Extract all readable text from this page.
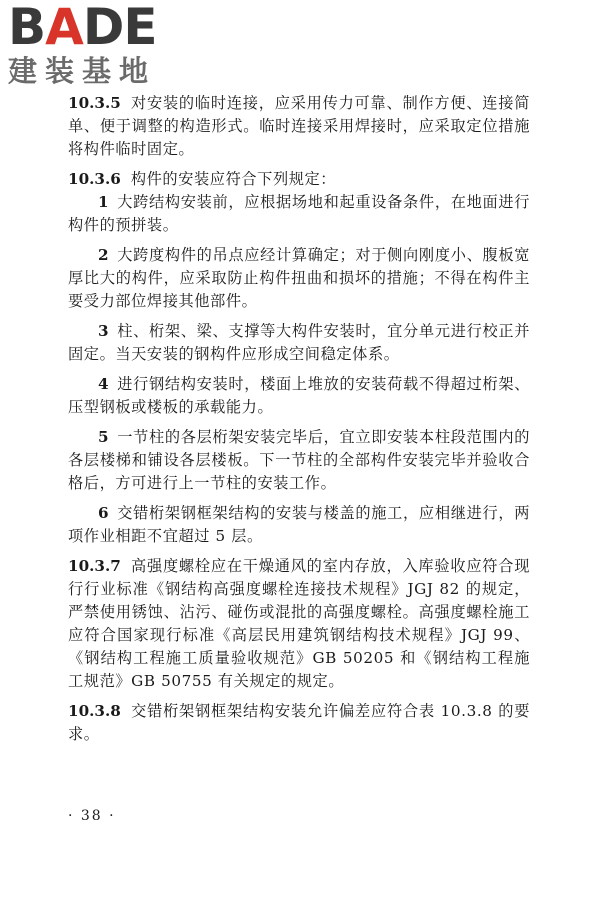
BADE
建装基地

10.3.5 对安装的临时连接，应采用传力可靠、制作方便、连接简单、便于调整的构造形式。临时连接采用焊接时，应采取定位措施将构件临时固定。

10.3.6 构件的安装应符合下列规定：

1 大跨结构安装前，应根据场地和起重设备条件，在地面进行构件的预拼装。

2 大跨度构件的吊点应经计算确定；对于侧向刚度小、腹板宽厚比大的构件，应采取防止构件扭曲和损坏的措施；不得在构件主要受力部位焊接其他部件。

3 柱、桁架、梁、支撑等大构件安装时，宜分单元进行校正并固定。当天安装的钢构件应形成空间稳定体系。

4 进行钢结构安装时，楼面上堆放的安装荷载不得超过桁架、压型钢板或楼板的承载能力。

5 一节柱的各层桁架安装完毕后，宜立即安装本柱段范围内的各层楼梯和铺设各层楼板。下一节柱的全部构件安装完毕并验收合格后，方可进行上一节柱的安装工作。

6 交错桁架钢框架结构的安装与楼盖的施工，应相继进行，两项作业相距不宜超过 5 层。

10.3.7 高强度螺栓应在干燥通风的室内存放，入库验收应符合现行行业标准《钢结构高强度螺栓连接技术规程》JGJ 82 的规定，严禁使用锈蚀、沾污、碰伤或混批的高强度螺栓。高强度螺栓施工应符合国家现行标准《高层民用建筑钢结构技术规程》JGJ 99、《钢结构工程施工质量验收规范》GB 50205 和《钢结构工程施工规范》GB 50755 有关规定的规定。

10.3.8 交错桁架钢框架结构安装允许偏差应符合表 10.3.8 的要求。

· 38 ·
